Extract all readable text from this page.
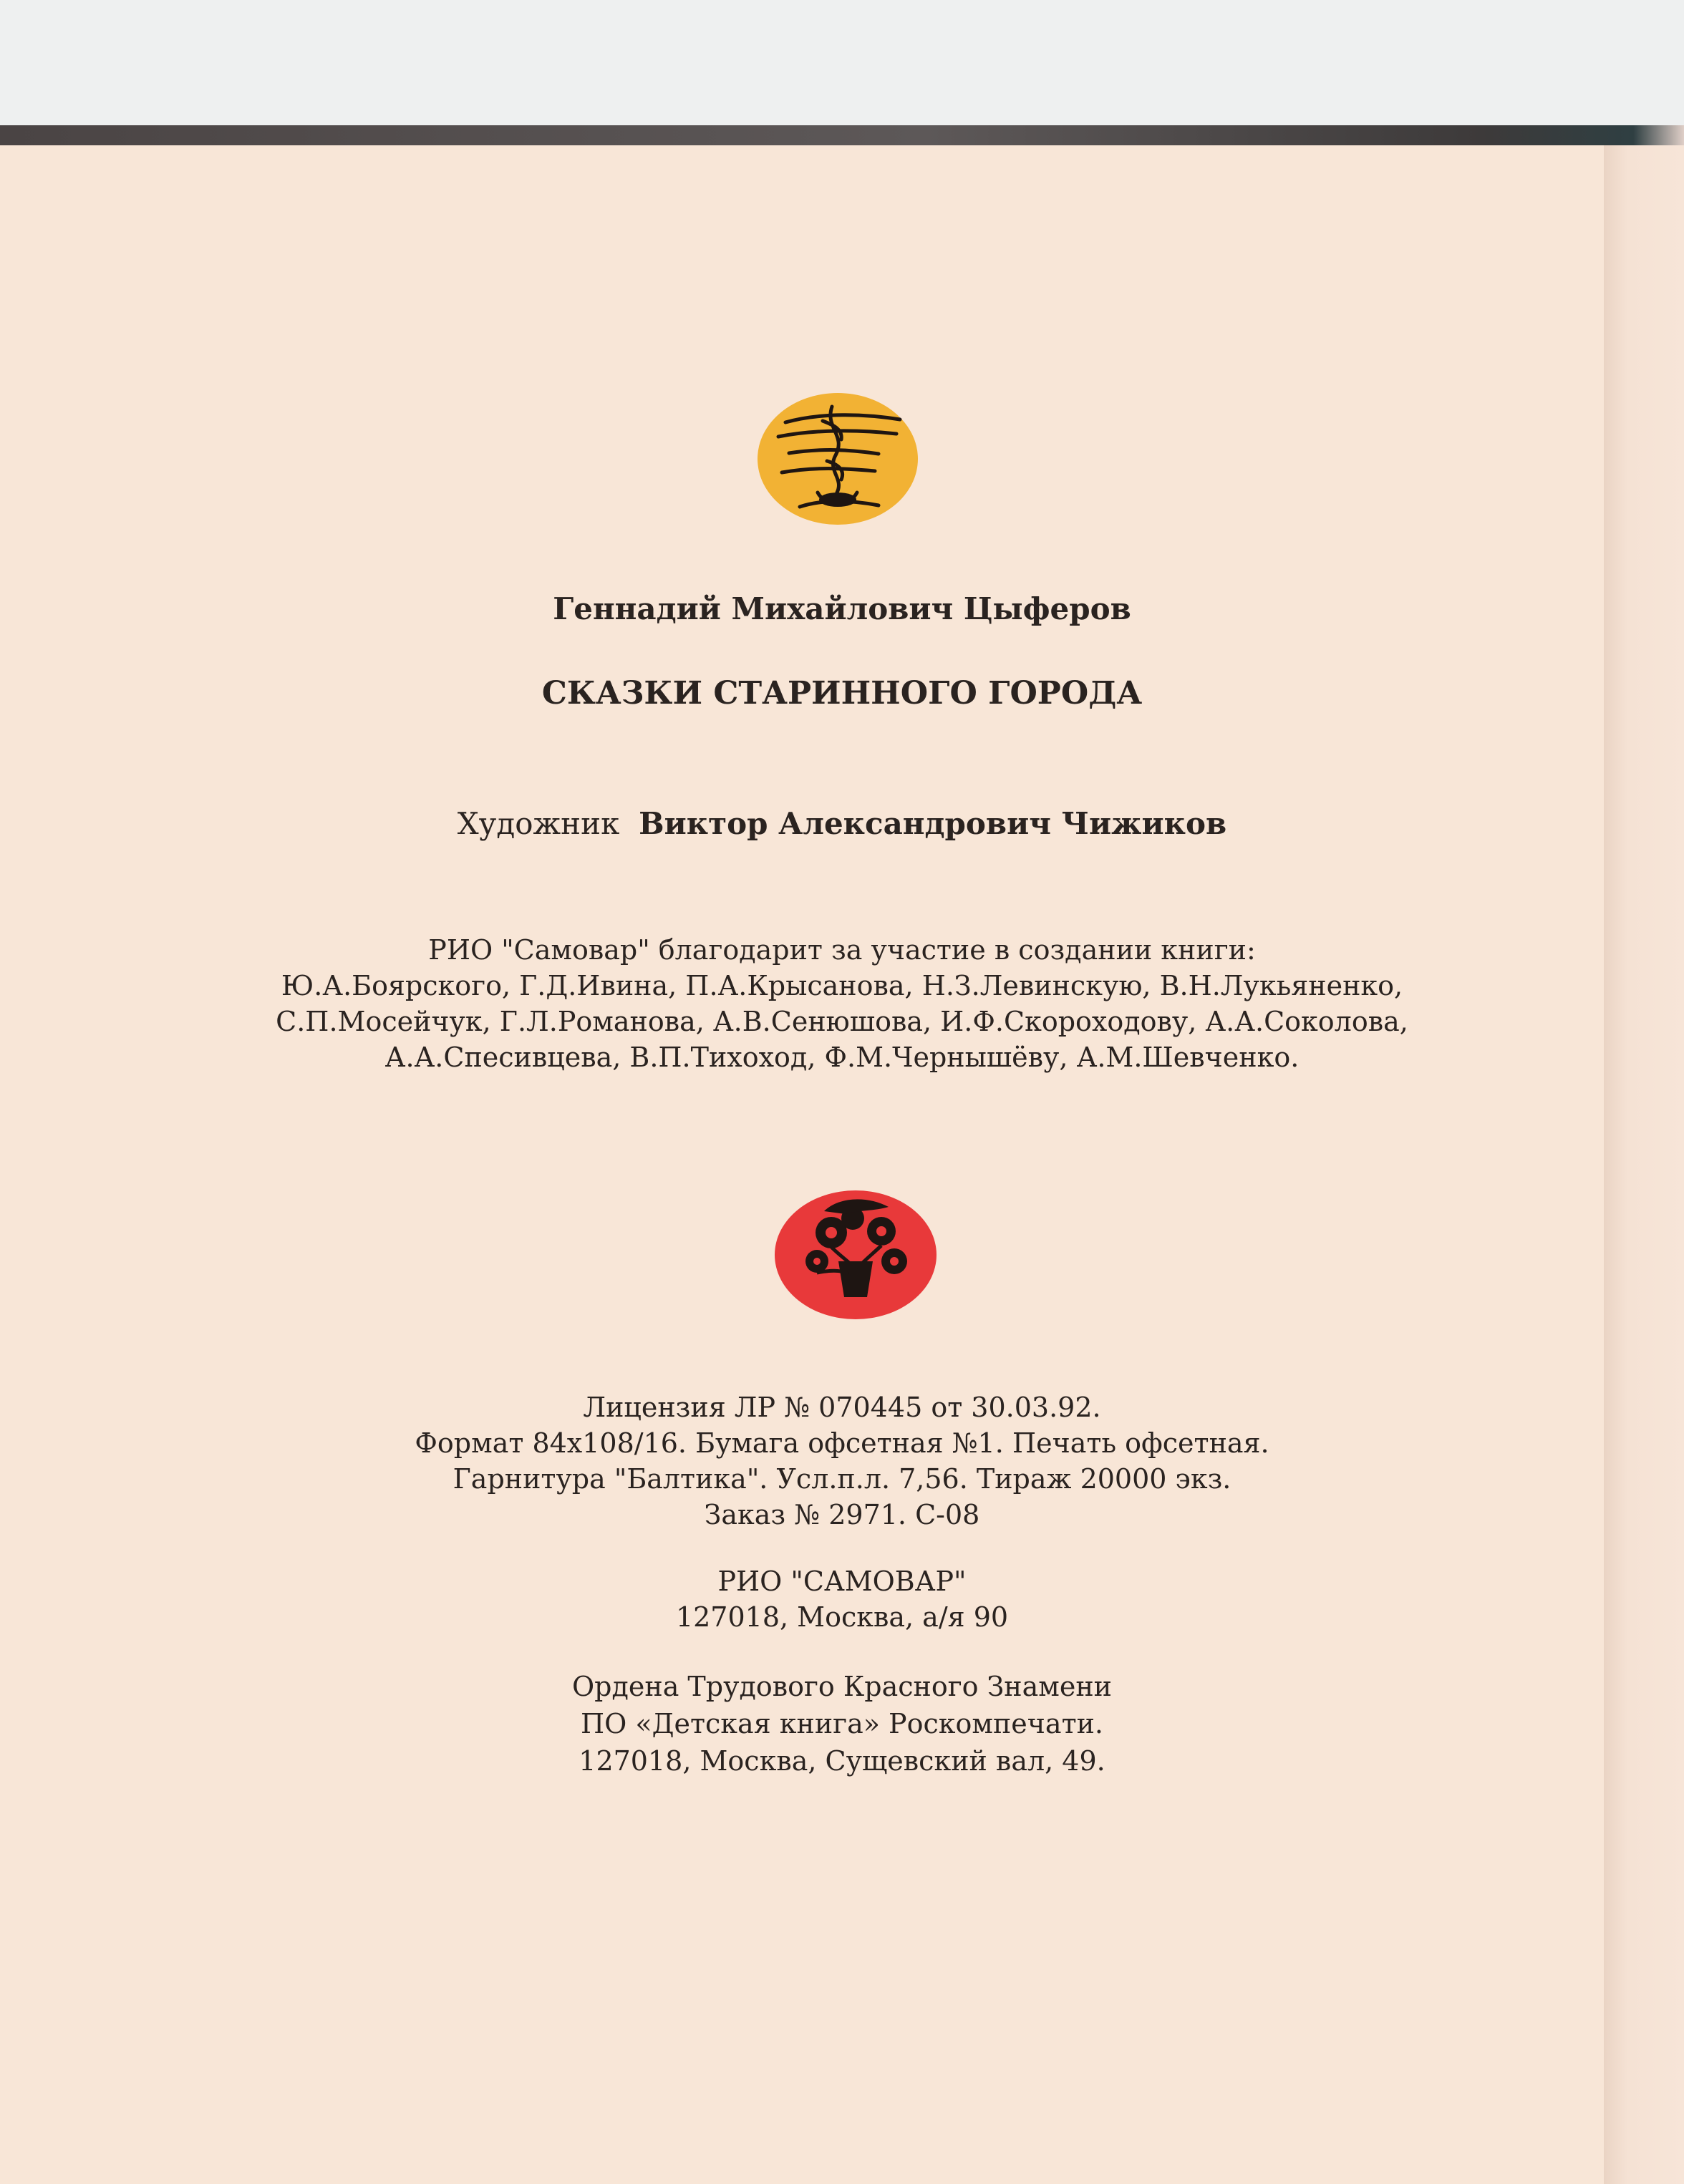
Геннадий Михайлович Цыферов
СКАЗКИ СТАРИННОГО ГОРОДА
Художник Виктор Александрович Чижиков
РИО "Самовар" благодарит за участие в создании книги:
Ю.А.Боярского, Г.Д.Ивина, П.А.Крысанова, Н.З.Левинскую, В.Н.Лукьяненко,
С.П.Мосейчук, Г.Л.Романова, А.В.Сенюшова, И.Ф.Скороходову, А.А.Соколова,
А.А.Спесивцева, В.П.Тихоход, Ф.М.Чернышёву, А.М.Шевченко.
Лицензия ЛР № 070445 от 30.03.92.
Формат 84х108/16. Бумага офсетная №1. Печать офсетная.
Гарнитура "Балтика". Усл.п.л. 7,56. Тираж 20000 экз.
Заказ № 2971. С-08
РИО "САМОВАР"
127018, Москва, а/я 90
Ордена Трудового Красного Знамени
ПО «Детская книга» Роскомпечати.
127018, Москва, Сущевский вал, 49.
